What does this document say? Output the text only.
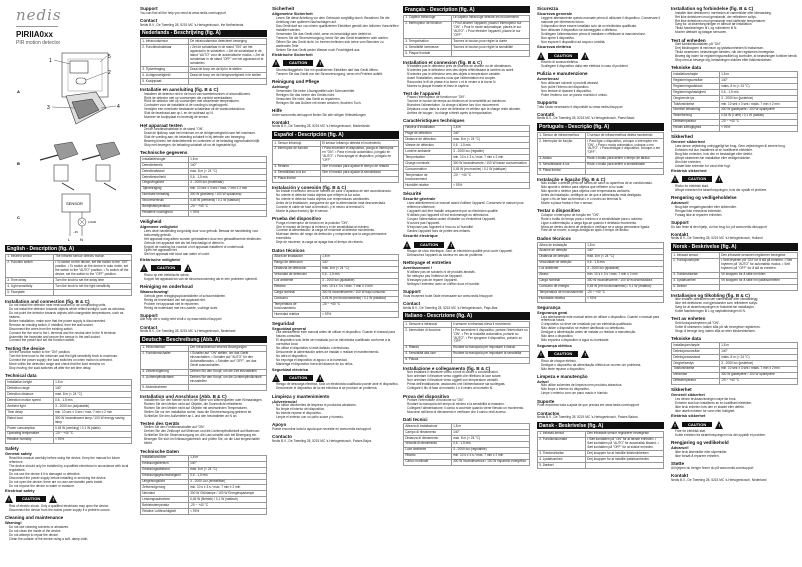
nedis
PIRIIA0xx
PIR motion detector
1
5
2
A
3	4
B
C
SENSOR
LOAD
~IN
L N
English - Description (fig. A)
1. Infrared sensor	The infrared sensor detects motion
2. Function switch	• To switch on the device, set the switch to the "ON" position. • To switch on the device in auto mode, set the switch to the "AUTO" position. • To switch off the device, set the switch to the "OFF" position.
3. Time delay	Turn the knob to set the delay time
4. Light sensitivity	Turn the knob to set the light sensitivity
5. Faceplate	
Installation and connection (fig. B & C)
• Do not install the detector near heat sources or air conditioning units.
• Do not install the detector towards objects which reflect sunlight, such as windows.
• Do not point the detector towards objects with changeable temperatures, such as heaters.
• Before installation, make sure that the power supply is disconnected.
• Remove an existing switch, if installed, from the wall socket.
• Disconnect the wires from the existing switch.
• Connect the live wire to the L terminal and the neutral wire to the N terminal.
• Assemble the faceplate and secure the sensor in the wall socket.
• Connect the power and set the function switch.
Testing the device
• Set the function switch to the "ON" position.
• Turn the time knob to the minimum and the light sensitivity knob to maximum.
• Connect the power supply; the load switches on when motion is detected.
• Move within the detection range and check that the load remains on.
• Stop moving; the load switches off after the set time delay.
Technical data
Installation height	1.8 m
Detection range	140°
Detection distance	max. 8 m (< 24 °C)
Detection motion speed	0.6 - 1.5 m/s
Ambient light	3 - 2000 lux (adjustable)
Time delay	min. 10 sec ± 3 sec / max. 7 min ± 2 min
Rated load	300 W incandescent lamp / 100 W energy saving lamp
Power consumption	0.45 W (working) / 0.1 W (static)
Operating temperature	-20 ~ +40 °C
Relative humidity	< 93%
Safety
General safety
• Read this manual carefully before using the device. Keep the manual for future reference.
• The device should only be installed by a qualified electrician in accordance with local regulations.
• Do not use the device if it is damaged or defective.
• Disconnect the power supply before installing or servicing the device.
• Do not open the device; there are no user-serviceable parts inside.
• Do not expose the device to water or moisture.
Electrical safety
!
CAUTION
!
• Risk of electric shock. Only a qualified electrician may open the device.
• Disconnect the device from the mains power supply if a problem occurs.
Cleaning and maintenance
Warning!
• Do not use cleaning solvents or abrasives.
• Do not clean the inside of the device.
• Do not attempt to repair the device.
• Clean the outside of the device using a soft, damp cloth.
Support
You can find all the help you need at www.nedis.com/support
Contact
Nedis B.V., De Tweeling 28, 5215 MC 's-Hertogenbosch, the Netherlands
Nederlands - Beschrijving (fig. A)
1. Infraroodsensor	De infraroodsensor detecteert beweging
2. Functieschakelaar	• Zet de schakelaar in de stand "ON" om het apparaat in te schakelen. • Zet de schakelaar in de stand "AUTO" voor de automatische modus. • Zet de schakelaar in de stand "OFF" om het apparaat uit te schakelen.
3. Tijdvertraging	Draai de knop om de tijd in te stellen
4. Lichtgevoeligheid	Draai de knop om de lichtgevoeligheid in te stellen
5. Kozijnplaat	
Installatie en aansluiting (fig. B & C)
• Installeer de detector niet in de buurt van warmtebronnen of airconditioners.
• Richt de detector niet op voorwerpen die zonlicht weerkaatsen.
• Richt de detector niet op voorwerpen met wisselende temperaturen.
• Controleer voor de installatie of de voeding is losgekoppeld.
• Verwijder een eventuele bestaande schakelaar uit de wandcontactdoos.
• Sluit de fasedraad aan op L en de nuldraad op N.
• Monteer de kozijnplaat en bevestig de sensor.
Het apparaat testen
• Zet de functieschakelaar in de stand "ON".
• Draai de tijdknop naar het minimum en de lichtgevoeligheid naar het maximum.
• Sluit de voeding aan; de belasting schakelt in bij detectie van beweging.
• Beweeg binnen het detectiebereik en controleer of de belasting ingeschakeld blijft.
• Stop met bewegen; de belasting schakelt uit na de ingestelde tijd.
Technische gegevens
Installatiehoogte	1,8 m
Detectiebereik	140°
Detectieafstand	max. 8 m (< 24 °C)
Detectiesnelheid	0,6 - 1,5 m/s
Omgevingslicht	3 - 2000 lux (instelbaar)
Tijdvertraging	min. 10 sec ± 3 sec / max. 7 min ± 2 min
Nominale belasting	300 W gloeilamp / 100 W spaarlamp
Stroomverbruik	0,45 W (werkend) / 0,1 W (statisch)
Bedrijfstemperatuur	-20 ~ +40 °C
Relatieve vochtigheid	< 93%
Veiligheid
Algemene veiligheid
• Lees deze handleiding zorgvuldig door voor gebruik. Bewaar de handleiding voor toekomstig gebruik.
• Het apparaat mag alleen worden geïnstalleerd door een gekwalificeerde elektricien.
• Gebruik het apparaat niet als het beschadigd of defect is.
• Koppel de voeding los voordat u het apparaat installeert of onderhoudt.
• Open het apparaat niet.
• Stel het apparaat niet bloot aan water of vocht.
Elektrische veiligheid
!
CAUTION
!
• Risico op een elektrische schok.
• Koppel het apparaat los van de stroomvoorziening als er een probleem optreedt.
Reiniging en onderhoud
Waarschuwing!
• Gebruik geen reinigingsoplosmiddelen of schuurmiddelen.
• Reinig de binnenkant van het apparaat niet.
• Probeer het apparaat niet te repareren.
• Reinig de buitenkant met een zachte, vochtige doek.
Support
Alle hulp die u nodig hebt vindt u op www.nedis.nl/support
Contact
Nedis B.V., De Tweeling 28, 5215 MC 's-Hertogenbosch, Nederland
Deutsch - Beschreibung (Abb. A)
1. Infrarotsensor	Der Infrarotsensor erkennt Bewegungen
2. Funktionsschalter	• Schalter auf "ON" stellen, um das Gerät einzuschalten. • Schalter auf "AUTO" für den Automatikmodus. • Schalter auf "OFF", um das Gerät auszuschalten.
3. Zeitverzögerung	Drehen Sie den Knopf, um die Zeit einzustellen
4. Lichtempfindlichkeit	Drehen Sie den Knopf, um die Lichtempfindlichkeit einzustellen
5. Abdeckrahmen	
Installation und Anschluss (Abb. B & C)
• Installieren Sie den Melder nicht in der Nähe von Wärmequellen oder Klimaanlagen.
• Richten Sie den Melder nicht auf Objekte, die Sonnenlicht reflektieren.
• Richten Sie den Melder nicht auf Objekte mit wechselnden Temperaturen.
• Stellen Sie vor der Installation sicher, dass die Stromversorgung getrennt ist.
• Schließen Sie den Außenleiter an L und den Neutralleiter an N an.
Testen des Geräts
• Stellen Sie den Funktionsschalter auf "ON".
• Drehen Sie den Zeitknopf auf Minimum und die Lichtempfindlichkeit auf Maximum.
• Schließen Sie die Stromversorgung an; die Last schaltet sich bei Bewegung ein.
• Bewegen Sie sich im Erfassungsbereich und prüfen Sie, ob die Last eingeschaltet bleibt.
Technische Daten
Installationshöhe	1,8 m
Erfassungsbereich	140°
Erfassungsabstand	max. 8 m (< 24 °C)
Erfassungsgeschwindigkeit	0,6 - 1,5 m/s
Umgebungslicht	3 - 2000 Lux (einstellbar)
Zeitverzögerung	min. 10 s ± 3 s / max. 7 min ± 2 min
Nennlast	300 W Glühlampe / 100 W Energiesparlampe
Leistungsaufnahme	0,45 W (Betrieb) / 0,1 W (statisch)
Betriebstemperatur	-20 ~ +40 °C
Relative Luftfeuchtigkeit	< 93%
Sicherheit
Allgemeine Sicherheit
• Lesen Sie diese Anleitung vor dem Gebrauch sorgfältig durch. Bewahren Sie die Anleitung zum späteren Nachschlagen auf.
• Das Gerät darf nur von einem qualifizierten Elektriker gemäß den örtlichen Vorschriften installiert werden.
• Verwenden Sie das Gerät nicht, wenn es beschädigt oder defekt ist.
• Trennen Sie die Stromversorgung, bevor Sie das Gerät installieren oder warten.
• Öffnen Sie das Gerät nicht. Im Inneren befinden sich keine vom Benutzer zu wartenden Teile.
• Setzen Sie das Gerät weder Wasser noch Feuchtigkeit aus.
Elektrische Sicherheit
!
CAUTION
!
• Stromschlaggefahr. Nur ein qualifizierter Elektriker darf das Gerät öffnen.
• Trennen Sie das Gerät von der Stromversorgung, wenn ein Problem auftritt.
Reinigung und Pflege
Achtung!
• Verwenden Sie keine Lösungsmittel oder Scheuermittel.
• Reinigen Sie das Innere des Geräts nicht.
• Versuchen Sie nicht, das Gerät zu reparieren.
• Reinigen Sie das Äußere mit einem weichen, feuchten Tuch.
Hilfe
Unter www.nedis.de/support finden Sie alle nötigen Hilfestellungen
Kontakt
Nedis B.V., De Tweeling 28, 5215 MC 's-Hertogenbosch, Niederlande
Español - Descripción (fig. A)
1. Sensor infrarrojo	El sensor infrarrojo detecta el movimiento
2. Interruptor de función	• Para encender el dispositivo, ponga el interruptor en "ON". • Para el modo automático, póngalo en "AUTO". • Para apagar el dispositivo, póngalo en "OFF".
3. Retardo	Gire el mando para ajustar el tiempo de retardo
4. Sensibilidad a la luz	Gire el mando para ajustar la sensibilidad
5. Placa frontal	
Instalación y conexión (fig. B & C)
• No instale el detector cerca de fuentes de calor o aparatos de aire acondicionado.
• No oriente el detector hacia objetos que reflejen la luz solar.
• No oriente el detector hacia objetos con temperaturas cambiantes.
• Antes de la instalación, asegúrese de que la alimentación está desconectada.
• Conecte el cable de fase al terminal L y el neutro al terminal N.
• Monte la placa frontal y fije el sensor.
Prueba del dispositivo
• Ponga el interruptor de función en la posición "ON".
• Gire el mando de tiempo al mínimo y el de sensibilidad al máximo.
• Conecte la alimentación; la carga se enciende al detectar movimiento.
• Muévase dentro del rango de detección y compruebe que la carga permanece encendida.
• Deje de moverse; la carga se apaga tras el tiempo de retardo.
Datos técnicos
Altura de instalación	1,8 m
Rango de detección	140°
Distancia de detección	máx. 8 m (< 24 °C)
Velocidad de detección	0,6 - 1,5 m/s
Luz ambiente	3 - 2000 lux (ajustable)
Retardo	mín. 10 s ± 3 s / máx. 7 min ± 2 min
Carga nominal	300 W incandescente / 100 W bajo consumo
Consumo	0,45 W (en funcionamiento) / 0,1 W (estático)
Temperatura de funcionamiento	-20 ~ +40 °C
Humedad relativa	< 93%
Seguridad
Seguridad general
• Lea atentamente este manual antes de utilizar el dispositivo. Guarde el manual para futuras consultas.
• El dispositivo solo debe ser instalado por un electricista cualificado conforme a la normativa local.
• No utilice el dispositivo si está dañado o defectuoso.
• Desconecte la alimentación antes de instalar o realizar el mantenimiento.
• No abra el dispositivo.
• No exponga el dispositivo al agua o a la humedad.
• Mantenga el dispositivo fuera del alcance de los niños.
Seguridad eléctrica
!
CAUTION
!
• Riesgo de descarga eléctrica. Solo un electricista cualificado puede abrir el dispositivo.
• Desconecte el dispositivo de la red eléctrica si se produce un problema.
Limpieza y mantenimiento
¡Advertencia!
• No utilice disolventes de limpieza ni productos abrasivos.
• No limpie el interior del dispositivo.
• No intente reparar el dispositivo.
• Limpie el exterior con un paño suave y húmedo.
Apoyo
Puede encontrar toda la ayuda que necesite en www.nedis.es/support
Contacto
Nedis B.V., De Tweeling 28, 5215 MC 's-Hertogenbosch, Países Bajos
Français - Description (fig. A)
1. Capteur infrarouge	Le capteur infrarouge détecte les mouvements
2. Interrupteur de fonction	• Pour allumer l'appareil, placez l'interrupteur sur "ON". • Pour le mode automatique, placez-le sur "AUTO". • Pour éteindre l'appareil, placez-le sur "OFF".
3. Temporisation	Tournez le bouton pour régler la durée
4. Sensibilité lumineuse	Tournez le bouton pour régler la sensibilité
5. Plaque frontale	
Installation et connexion (fig. B & C)
• N'installez pas le détecteur près de sources de chaleur ou de climatiseurs.
• N'orientez pas le détecteur vers des objets réfléchissant la lumière du soleil.
• N'orientez pas le détecteur vers des objets à température variable.
• Avant l'installation, assurez-vous que l'alimentation est coupée.
• Raccordez le fil de phase à la borne L et le neutre à la borne N.
• Montez la plaque frontale et fixez le capteur.
Test de l'appareil
• Placez l'interrupteur de fonction sur "ON".
• Tournez le bouton de temps au minimum et la sensibilité au maximum.
• Branchez l'alimentation ; la charge s'allume lors d'un mouvement.
• Déplacez-vous dans la zone de détection et vérifiez que la charge reste allumée.
• Arrêtez de bouger ; la charge s'éteint après la temporisation.
Caractéristiques techniques
Hauteur d'installation	1,8 m
Plage de détection	140°
Distance de détection	max. 8 m (< 24 °C)
Vitesse de détection	0,6 - 1,5 m/s
Lumière ambiante	3 - 2000 lux (réglable)
Temporisation	min. 10 s ± 3 s / max. 7 min ± 2 min
Charge nominale	300 W incandescente / 100 W basse consommation
Consommation	0,45 W (en marche) / 0,1 W (statique)
Température de fonctionnement	-20 ~ +40 °C
Humidité relative	< 93%
Sécurité
Sécurité générale
• Lisez attentivement ce manuel avant d'utiliser l'appareil. Conservez le manuel pour référence ultérieure.
• L'appareil doit être installé uniquement par un électricien qualifié.
• N'utilisez pas l'appareil s'il est endommagé ou défectueux.
• Coupez l'alimentation avant d'installer ou d'entretenir l'appareil.
• N'ouvrez pas l'appareil.
• N'exposez pas l'appareil à l'eau ou à l'humidité.
• Gardez l'appareil hors de portée des enfants.
Sécurité électrique
!
CAUTION
!
• Risque de choc électrique. Seul un électricien qualifié peut ouvrir l'appareil.
• Débranchez l'appareil du secteur en cas de problème.
Nettoyage et entretien
Avertissement !
• N'utilisez pas de solvants ni de produits abrasifs.
• Ne nettoyez pas l'intérieur de l'appareil.
• N'essayez pas de réparer l'appareil.
• Nettoyez l'extérieur avec un chiffon doux et humide.
Support
Vous trouverez toute l'aide nécessaire sur www.nedis.fr/support
Contact
Nedis B.V., De Tweeling 28, 5215 MC 's-Hertogenbosch, Pays-Bas
Italiano - Descrizione (fig. A)
1. Sensore a infrarossi	Il sensore a infrarossi rileva il movimento
2. Interruttore di funzione	• Per accendere il dispositivo, portare l'interruttore su "ON". • Per la modalità automatica, portarlo su "AUTO". • Per spegnere il dispositivo, portarlo su "OFF".
3. Ritardo	Ruotare la manopola per impostare il ritardo
4. Sensibilità alla luce	Ruotare la manopola per impostare la sensibilità
5. Placca	
Installazione e collegamento (fig. B & C)
• Non installare il rilevatore vicino a fonti di calore o condizionatori.
• Non orientare il rilevatore verso oggetti che riflettono la luce solare.
• Non orientare il rilevatore verso oggetti con temperature variabili.
• Prima dell'installazione, assicurarsi che l'alimentazione sia scollegata.
• Collegare il filo di fase al morsetto L e il neutro al morsetto N.
Prova del dispositivo
• Portare l'interruttore di funzione su "ON".
• Ruotare la manopola del tempo al minimo e la sensibilità al massimo.
• Collegare l'alimentazione; il carico si accende quando viene rilevato un movimento.
• Muoversi nell'area di rilevamento e verificare che il carico resti acceso.
Dati tecnici
Altezza di installazione	1,8 m
Campo di rilevamento	140°
Distanza di rilevamento	max. 8 m (< 24 °C)
Velocità di rilevamento	0,6 - 1,5 m/s
Luce ambiente	3 - 2000 lux (regolabile)
Ritardo	min. 10 s ± 3 s / max. 7 min ± 2 min
Carico nominale	300 W incandescenza / 100 W risparmio energetico
Sicurezza
Sicurezza generale
• Leggere attentamente questo manuale prima di utilizzare il dispositivo. Conservare il manuale per riferimento futuro.
• Il dispositivo deve essere installato solo da un elettricista qualificato.
• Non utilizzare il dispositivo se danneggiato o difettoso.
• Scollegare l'alimentazione prima di installare o effettuare la manutenzione.
• Non aprire il dispositivo.
• Non esporre il dispositivo ad acqua o umidità.
Sicurezza elettrica
!
CAUTION
!
• Rischio di scossa elettrica.
• Scollegare il dispositivo dalla rete elettrica in caso di problemi.
Pulizia e manutenzione
Avvertenza!
• Non utilizzare solventi o prodotti abrasivi.
• Non pulire l'interno del dispositivo.
• Non tentare di riparare il dispositivo.
• Pulire l'esterno con un panno morbido e umido.
Supporto
Tutto l'aiuto necessario è disponibile su www.nedis.it/support
Contatti
Nedis B.V., De Tweeling 28, 5215 MC 's-Hertogenbosch, Paesi Bassi
Português - Descrição (fig. A)
1. Sensor de infravermelhos	O sensor de infravermelhos deteta movimento
2. Interruptor de função	• Para ligar o dispositivo, coloque o interruptor em "ON". • Para o modo automático, coloque-o em "AUTO". • Para desligar o dispositivo, coloque-o em "OFF".
3. Atraso	Rode o botão para definir o tempo de atraso
4. Sensibilidade à luz	Rode o botão para definir a sensibilidade
5. Placa frontal	
Instalação e ligação (fig. B & C)
• Não instale o detetor perto de fontes de calor ou aparelhos de ar condicionado.
• Não aponte o detetor para objetos que refletem a luz solar.
• Não aponte o detetor para objetos com temperaturas variáveis.
• Antes da instalação, certifique-se de que a alimentação está desligada.
• Ligue o fio de fase ao terminal L e o neutro ao terminal N.
• Monte a placa frontal e fixe o sensor.
Testar o dispositivo
• Coloque o interruptor de função em "ON".
• Rode o botão do tempo para o mínimo e a sensibilidade para o máximo.
• Ligue a alimentação; a carga liga-se quando é detetado movimento.
• Mova-se dentro da área de deteção e verifique se a carga permanece ligada.
• Pare de se mover; a carga desliga-se após o tempo de atraso.
Dados técnicos
Altura de instalação	1,8 m
Alcance de deteção	140°
Distância de deteção	máx. 8 m (< 24 °C)
Velocidade de deteção	0,6 - 1,5 m/s
Luz ambiente	3 - 2000 lux (ajustável)
Atraso	mín. 10 s ± 3 s / máx. 7 min ± 2 min
Carga nominal	300 W incandescente / 100 W economizadora
Consumo de energia	0,45 W (em funcionamento) / 0,1 W (estático)
Temperatura de funcionamento	-20 ~ +40 °C
Humidade relativa	< 93%
Segurança
Segurança geral
• Leia atentamente este manual antes de utilizar o dispositivo. Guarde o manual para referência futura.
• O dispositivo só deve ser instalado por um eletricista qualificado.
• Não utilize o dispositivo se estiver danificado ou defeituoso.
• Desligue a alimentação antes de instalar ou realizar a manutenção.
• Não abra o dispositivo.
• Não exponha o dispositivo à água ou humidade.
Segurança elétrica
!
CAUTION
!
• Risco de choque elétrico.
• Desligue o dispositivo da alimentação elétrica se ocorrer um problema.
• Não tente reparar o dispositivo.
Limpeza e manutenção
Aviso!
• Não utilize solventes de limpeza nem produtos abrasivos.
• Não limpe o interior do dispositivo.
• Limpe o exterior com um pano macio e húmido.
Suporte
Pode encontrar toda a ajuda de que precisa em www.nedis.com/support
Contactos
Nedis B.V., De Tweeling 28, 5215 MC 's-Hertogenbosch, Países Baixos
Dansk - Beskrivelse (fig. A)
1. Infrarød sensor	Den infrarøde sensor registrerer bevægelse
2. Funktionskontakt	• Sæt kontakten på "ON" for at tænde enheden. • Sæt kontakten på "AUTO" for automatisk tilstand. • Sæt kontakten på "OFF" for at slukke enheden.
3. Tidsforsinkelse	Drej knappen for at indstille tidsforsinkelsen
4. Lysfølsomhed	Drej knappen for at indstille lysfølsomheden
5. Dæksel	
Installation og forbindelse (fig. B & C)
• Installer ikke detektoren i nærheden af varmekilder eller klimaanlæg.
• Ret ikke detektoren mod genstande, der reflekterer sollys.
• Ret ikke detektoren mod genstande med skiftende temperaturer.
• Sørg for, at strømforsyningen er afbrudt før installation.
• Tilslut faseledningen til L og nullederen til N.
• Monter dækslet og fastgør sensoren.
Test af enheden
• Sæt funktionskontakten på "ON".
• Drej tidsknappen til minimum og lysfølsomheden til maksimum.
• Tilslut strømmen; belastningen tændes, når der registreres bevægelse.
• Bevæg dig inden for registreringsområdet og kontroller, at belastningen forbliver tændt.
• Stop med at bevæge dig; belastningen slukkes efter tidsforsinkelsen.
Tekniske data
Installationshøjde	1,8 m
Registreringsområde	140°
Registreringsafstand	maks. 8 m (< 24 °C)
Registreringshastighed	0,6 - 1,5 m/s
Omgivende lys	3 - 2000 lux (justerbar)
Tidsforsinkelse	min. 10 sek ± 3 sek / maks. 7 min ± 2 min
Nominel belastning	300 W glødepære / 100 W sparepære
Strømforbrug	0,45 W (i drift) / 0,1 W (statisk)
Driftstemperatur	-20 ~ +40 °C
Relativ luftfugtighed	< 93%
Sikkerhed
Generel sikkerhed
• Læs denne vejledning omhyggeligt før brug. Gem vejledningen til senere brug.
• Enheden må kun installeres af en kvalificeret elektriker.
• Brug ikke enheden, hvis den er beskadiget eller defekt.
• Afbryd strømmen før installation eller vedligeholdelse.
• Åbn ikke enheden.
• Udsæt ikke enheden for vand eller fugt.
Elektrisk sikkerhed
!
CAUTION
!
• Risiko for elektrisk stød.
• Afbryd enheden fra strømforsyningen, hvis der opstår et problem.
Rengøring og vedligeholdelse
Advarsel!
• Brug ikke rengøringsmidler eller slibemidler.
• Rengør ikke enhedens inderside.
• Forsøg ikke at reparere enheden.
Support
Du kan finde al den hjælp, du har brug for, på www.nedis.dk/support
Kontakt
Nedis B.V., De Tweeling 28, 5215 MC 's-Hertogenbosch, Holland
Norsk - Beskrivelse (fig. A)
1. Infrarød sensor	Den infrarøde sensoren registrerer bevegelse
2. Funksjonsbryter	• Sett bryteren på "ON" for å slå på enheten. • Sett bryteren på "AUTO" for automatisk modus. • Sett bryteren på "OFF" for å slå av enheten.
3. Tidsforsinkelse	Vri knappen for å stille inn tiden
4. Lysfølsomhet	Vri knappen for å stille inn lysfølsomheten
5. Deksel	
Installasjon og tilkobling (fig. B & C)
• Ikke installer detektoren nær varmekilder eller klimaanlegg.
• Ikke rett detektoren mot gjenstander som reflekterer sollys.
• Sørg for at strømforsyningen er frakoblet før installasjon.
• Koble faseledningen til L og nøytralledningen til N.
Test av enheten
• Sett funksjonsbryteren på "ON".
• Koble til strømmen; lasten slås på når bevegelse registreres.
• Stopp å bevege deg; lasten slås av etter tidsforsinkelsen.
Tekniske data
Installasjonshøyde	1,8 m
Deteksjonsområde	140°
Deteksjonsavstand	maks. 8 m (< 24 °C)
Omgivelseslys	3 - 2000 lux (justerbar)
Tidsforsinkelse	min. 10 sek ± 3 sek / maks. 7 min ± 2 min
Merkelast	300 W glødepære / 100 W sparepære
Driftstemperatur	-20 ~ +40 °C
Sikkerhet
Generell sikkerhet
• Les denne bruksanvisningen nøye før bruk.
• Enheten skal kun installeres av en kvalifisert elektriker.
• Ikke bruk enheten hvis den er skadet eller defekt.
• Ikke utsett enheten for vann eller fuktighet.
Elektrisk sikkerhet
!
CAUTION
!
• Fare for elektrisk støt.
• Koble enheten fra strømforsyningen hvis det oppstår et problem.
Rengjøring og vedlikehold
Advarsel!
• Ikke bruk løsemidler eller slipemidler.
• Ikke forsøk å reparere enheten.
Støtte
All hjelpen du trenger finner du på www.nedis.com/support
Kontakt
Nedis B.V., De Tweeling 28, 5215 MC 's-Hertogenbosch, Nederland
